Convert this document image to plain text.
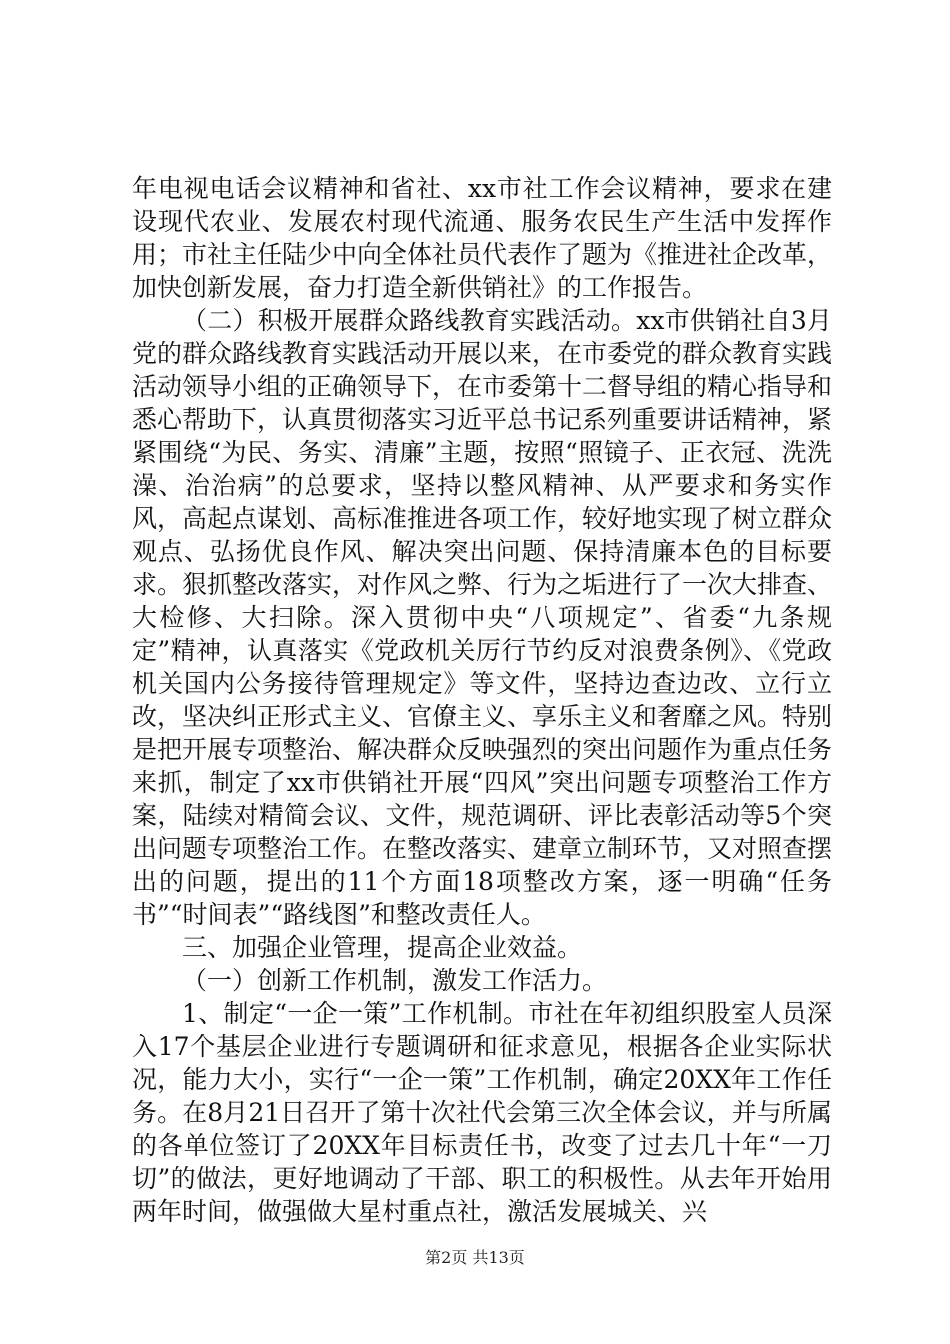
年电视电话会议精神和省社、xx市社工作会议精神，要求在建设现代农业、发展农村现代流通、服务农民生产生活中发挥作用；市社主任陆少中向全体社员代表作了题为《推进社企改革，加快创新发展，奋力打造全新供销社》的工作报告。

（二）积极开展群众路线教育实践活动。xx市供销社自3月党的群众路线教育实践活动开展以来，在市委党的群众教育实践活动领导小组的正确领导下，在市委第十二督导组的精心指导和悉心帮助下，认真贯彻落实习近平总书记系列重要讲话精神，紧紧围绕“为民、务实、清廉”主题，按照“照镜子、正衣冠、洗洗澡、治治病”的总要求，坚持以整风精神、从严要求和务实作风，高起点谋划、高标准推进各项工作，较好地实现了树立群众观点、弘扬优良作风、解决突出问题、保持清廉本色的目标要求。狠抓整改落实，对作风之弊、行为之垢进行了一次大排查、大检修、大扫除。深入贯彻中央“八项规定”、省委“九条规定”精神，认真落实《党政机关厉行节约反对浪费条例》、《党政机关国内公务接待管理规定》等文件，坚持边查边改、立行立改，坚决纠正形式主义、官僚主义、享乐主义和奢靡之风。特别是把开展专项整治、解决群众反映强烈的突出问题作为重点任务来抓，制定了xx市供销社开展“四风”突出问题专项整治工作方案，陆续对精简会议、文件，规范调研、评比表彰活动等5个突出问题专项整治工作。在整改落实、建章立制环节，又对照查摆出的问题，提出的11个方面18项整改方案，逐一明确“任务书”“时间表”“路线图”和整改责任人。

三、加强企业管理，提高企业效益。

（一）创新工作机制，激发工作活力。

1、制定“一企一策”工作机制。市社在年初组织股室人员深入17个基层企业进行专题调研和征求意见，根据各企业实际状况，能力大小，实行“一企一策”工作机制，确定20XX年工作任务。在8月21日召开了第十次社代会第三次全体会议，并与所属的各单位签订了20XX年目标责任书，改变了过去几十年“一刀切”的做法，更好地调动了干部、职工的积极性。从去年开始用两年时间，做强做大星村重点社，激活发展城关、兴

第2页 共13页
